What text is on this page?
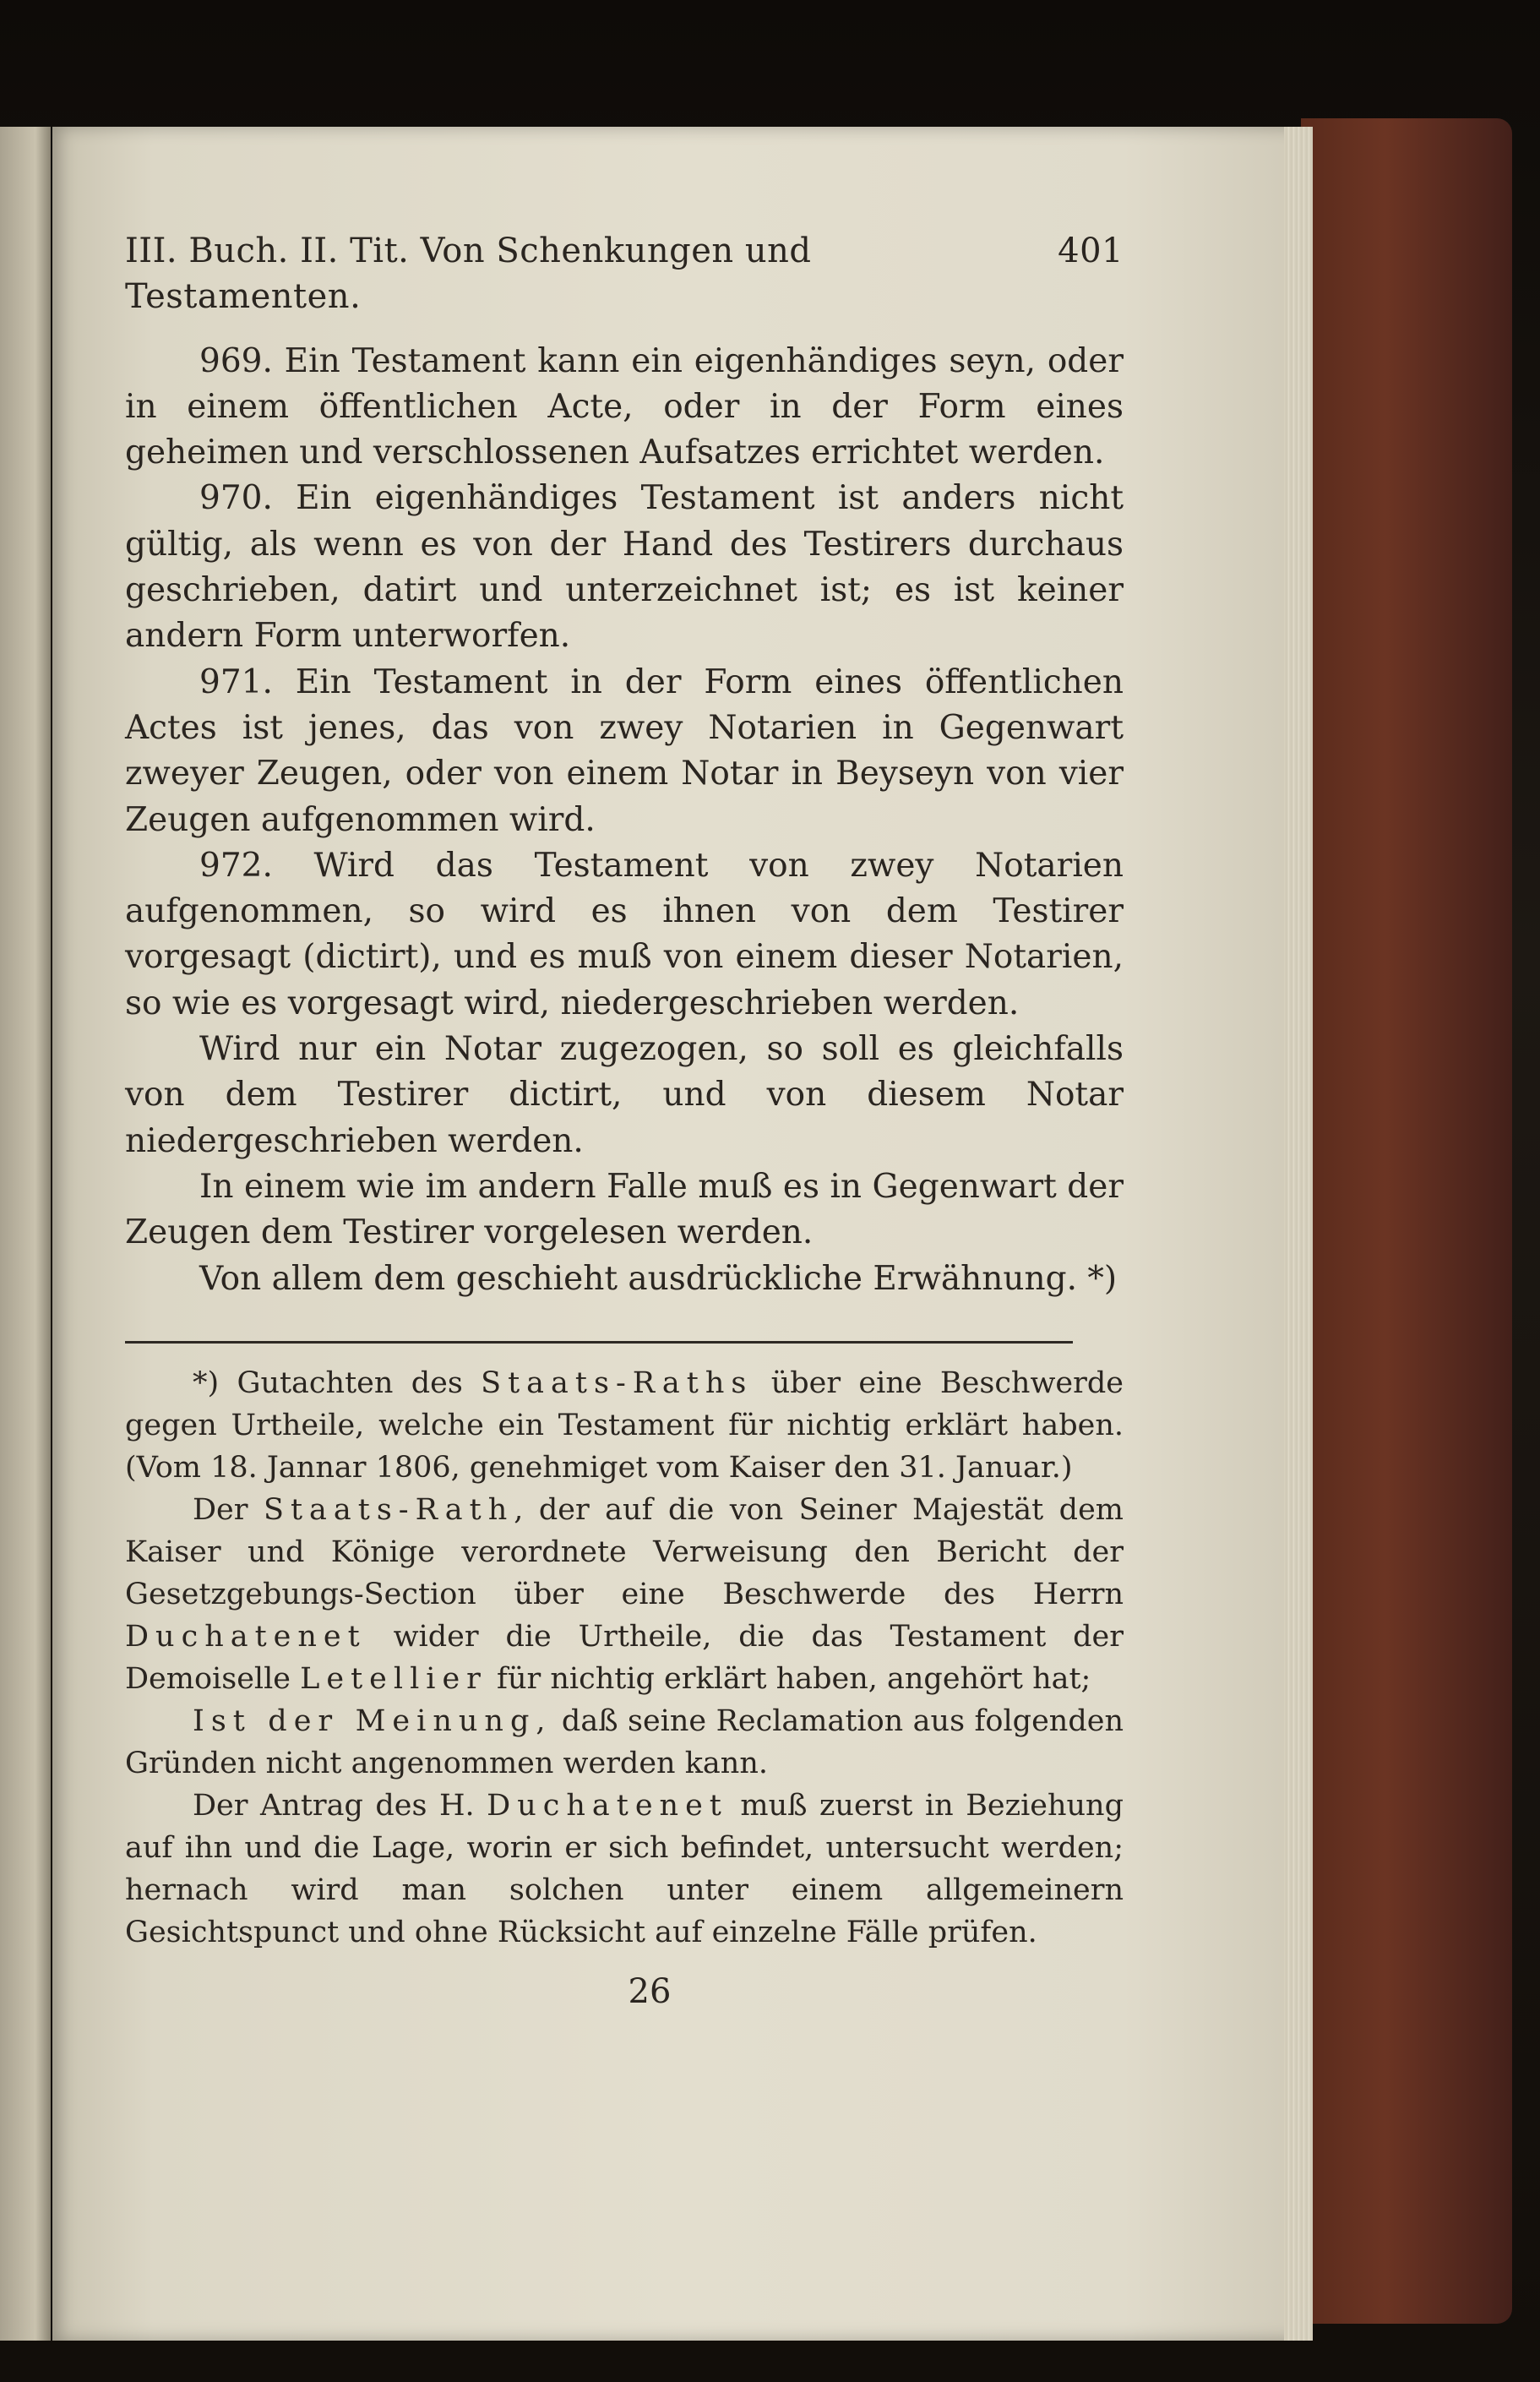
III. Buch. II. Tit. Von Schenkungen und Testamenten.
401

969. Ein Testament kann ein eigenhändiges seyn, oder in einem öffentlichen Acte, oder in der Form eines geheimen und verschlossenen Aufsatzes errichtet werden.

970. Ein eigenhändiges Testament ist anders nicht gültig, als wenn es von der Hand des Testirers durchaus geschrieben, datirt und unterzeichnet ist; es ist keiner andern Form unterworfen.

971. Ein Testament in der Form eines öffentlichen Actes ist jenes, das von zwey Notarien in Gegenwart zweyer Zeugen, oder von einem Notar in Beyseyn von vier Zeugen aufgenommen wird.

972. Wird das Testament von zwey Notarien aufgenommen, so wird es ihnen von dem Testirer vorgesagt (dictirt), und es muß von einem dieser Notarien, so wie es vorgesagt wird, niedergeschrieben werden.

Wird nur ein Notar zugezogen, so soll es gleichfalls von dem Testirer dictirt, und von diesem Notar niedergeschrieben werden.

In einem wie im andern Falle muß es in Gegenwart der Zeugen dem Testirer vorgelesen werden.

Von allem dem geschieht ausdrückliche Erwähnung. *)

*) Gutachten des Staats-Raths über eine Beschwerde gegen Urtheile, welche ein Testament für nichtig erklärt haben. (Vom 18. Jannar 1806, genehmiget vom Kaiser den 31. Januar.)

Der Staats-Rath, der auf die von Seiner Majestät dem Kaiser und Könige verordnete Verweisung den Bericht der Gesetzgebungs-Section über eine Beschwerde des Herrn Duchatenet wider die Urtheile, die das Testament der Demoiselle Letellier für nichtig erklärt haben, angehört hat;

Ist der Meinung, daß seine Reclamation aus folgenden Gründen nicht angenommen werden kann.

Der Antrag des H. Duchatenet muß zuerst in Beziehung auf ihn und die Lage, worin er sich befindet, untersucht werden; hernach wird man solchen unter einem allgemeinern Gesichtspunct und ohne Rücksicht auf einzelne Fälle prüfen.

26
